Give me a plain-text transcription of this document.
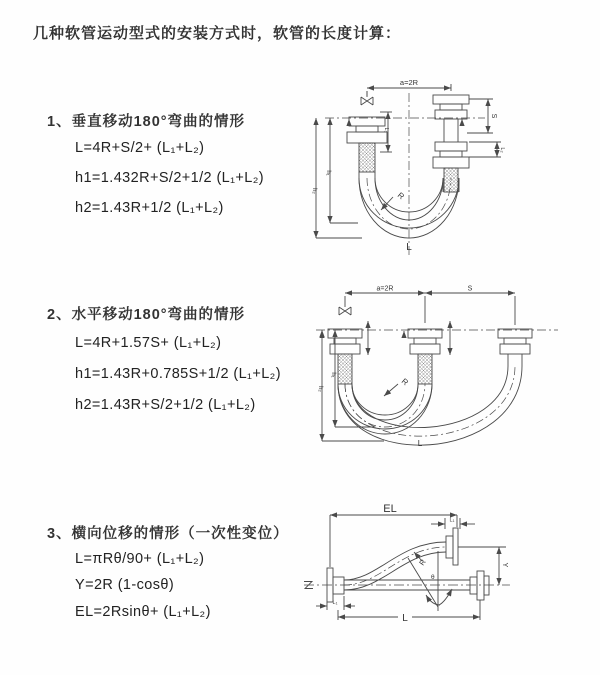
几种软管运动型式的安装方式时，软管的长度计算：
1、垂直移动180°弯曲的情形
L=4R+S/2+ (L₁+L₂)
h1=1.432R+S/2+1/2 (L₁+L₂)
h2=1.43R+1/2 (L₁+L₂)
2、水平移动180°弯曲的情形
L=4R+1.57S+ (L₁+L₂)
h1=1.43R+0.785S+1/2 (L₁+L₂)
h2=1.43R+S/2+1/2 (L₁+L₂)
3、横向位移的情形（一次性变位）
L=πRθ/90+ (L₁+L₂)
Y=2R (1-cosθ)
EL=2Rsinθ+ (L₁+L₂)
a=2R
S
L₂
L₁
h₁
h₂	R
L
a=2R	S
h₁
h₂
R
L
EL
L₁
Y
R
θ
L₁
L
